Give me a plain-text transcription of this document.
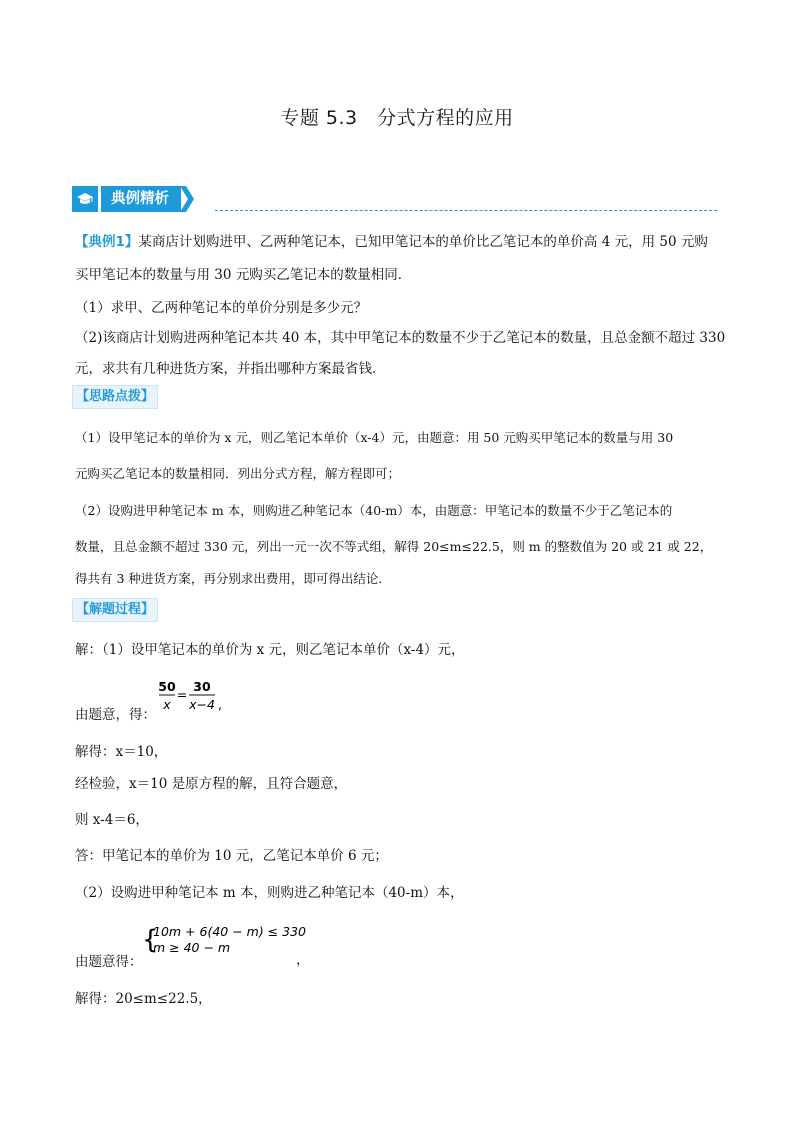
专题 5.3　分式方程的应用
典例精析
【典例1】某商店计划购进甲、乙两种笔记本，已知甲笔记本的单价比乙笔记本的单价高 4 元，用 50 元购
买甲笔记本的数量与用 30 元购买乙笔记本的数量相同．
（1）求甲、乙两种笔记本的单价分别是多少元？
（2)该商店计划购进两种笔记本共 40 本，其中甲笔记本的数量不少于乙笔记本的数量，且总金额不超过 330
元，求共有几种进货方案，并指出哪种方案最省钱．
【思路点拨】
（1）设甲笔记本的单价为 x 元，则乙笔记本单价（x-4）元，由题意：用 50 元购买甲笔记本的数量与用 30
元购买乙笔记本的数量相同．列出分式方程，解方程即可；
（2）设购进甲种笔记本 m 本，则购进乙种笔记本（40-m）本，由题意：甲笔记本的数量不少于乙笔记本的
数量，且总金额不超过 330 元，列出一元一次不等式组，解得 20≤m≤22.5，则 m 的整数值为 20 或 21 或 22，
得共有 3 种进货方案，再分别求出费用，即可得出结论．
【解题过程】
解：（1）设甲笔记本的单价为 x 元，则乙笔记本单价（x-4）元，
由题意，得：
50
x
=
30
x−4 ,
解得：x＝10，
经检验，x＝10 是原方程的解，且符合题意，
则 x-4＝6，
答：甲笔记本的单价为 10 元，乙笔记本单价 6 元；
（2）设购进甲种笔记本 m 本，则购进乙种笔记本（40-m）本，
由题意得：
{
10m + 6(40 − m) ≤ 330
m ≥ 40 − m
，
解得：20≤m≤22.5，
